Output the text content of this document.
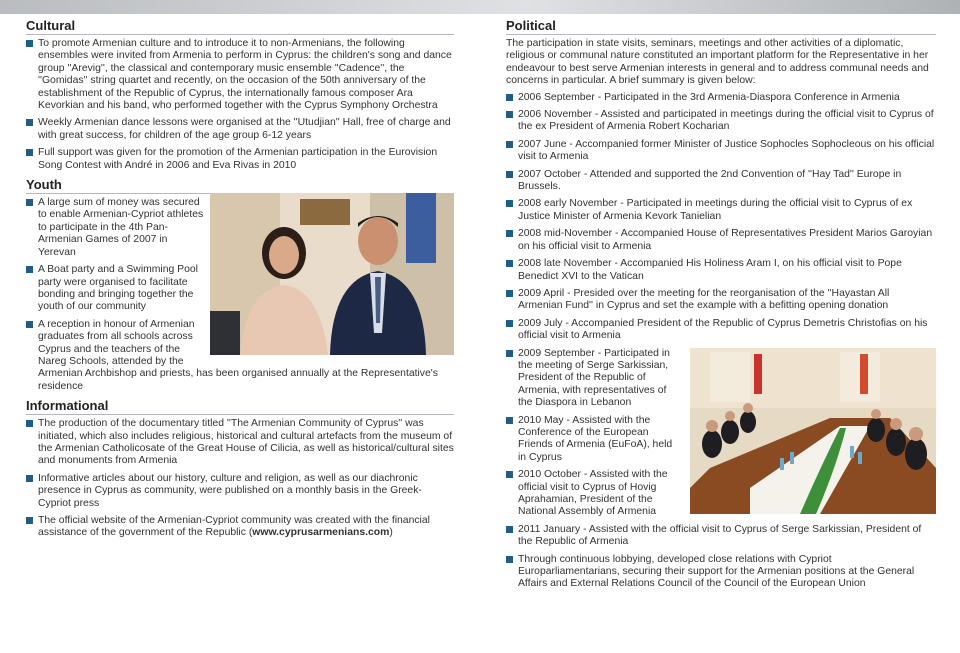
Cultural
To promote Armenian culture and to introduce it to non-Armenians, the following ensembles were invited from Armenia to perform in Cyprus: the children's song and dance group ''Arevig'', the classical and contemporary music ensemble ''Cadence'', the ''Gomidas'' string quartet and recently, on the occasion of the 50th anniversary of the establishment of the Republic of Cyprus, the internationally famous composer Ara Kevorkian and his band, who performed together with the Cyprus Symphony Orchestra
Weekly Armenian dance lessons were organised at the ''Utudjian'' Hall, free of charge and with great success, for children of the age group 6-12 years
Full support was given for the promotion of the Armenian participation in the Eurovision Song Contest with André in 2006 and Eva Rivas in 2010
Youth
A large sum of money was secured to enable Armenian-Cypriot athletes to participate in the 4th Pan-Armenian Games of 2007 in Yerevan
A Boat party and a Swimming Pool party were organised to facilitate bonding and bringing together the youth of our community
A reception in honour of Armenian graduates from all schools across Cyprus and the teachers of the Nareg Schools, attended by the Armenian Archbishop and priests, has been organised annually at the Representative's residence
Informational
The production of the documentary titled ''The Armenian Community of Cyprus'' was initiated, which also includes religious, historical and cultural artefacts from the museum of the Armenian Catholicosate of the Great House of Cilicia, as well as historical/cultural sites and monuments from Armenia
Informative articles about our history, culture and religion, as well as our diachronic presence in Cyprus as community, were published on a monthly basis in the Greek-Cypriot press
The official website of the Armenian-Cypriot community was created with the financial assistance of the government of the Republic (www.cyprusarmenians.com)
Political

The participation in state visits, seminars, meetings and other activities of a diplomatic, religious or communal nature constituted an important platform for the Representative in her endeavour to best serve Armenian interests in general and to address communal needs and concerns in particular. A brief summary is given below:

2006 September - Participated in the 3rd Armenia-Diaspora Conference in Armenia
2006 November - Assisted and participated in meetings during the official visit to Cyprus of the ex President of Armenia Robert Kocharian
2007 June - Accompanied former Minister of Justice Sophocles Sophocleous on his official visit to Armenia
2007 October - Attended and supported the 2nd Convention of ''Hay Tad'' Europe in Brussels.
2008 early November - Participated in meetings during the official visit to Cyprus of ex Justice Minister of Armenia Kevork Tanielian
2008 mid-November - Accompanied House of Representatives President Marios Garoyian on his official visit to Armenia
2008 late November - Accompanied His Holiness Aram I, on his official visit to Pope Benedict XVI to the Vatican
2009 April - Presided over the meeting for the reorganisation of the ''Hayastan All Armenian Fund'' in Cyprus and set the example with a befitting opening donation
2009 July - Accompanied President of the Republic of Cyprus Demetris Christofias on his official visit to Armenia
2009 September - Participated in the meeting of Serge Sarkissian, President of the Republic of Armenia, with representatives of the Diaspora in Lebanon
2010 May - Assisted with the Conference of the European Friends of Armenia (EuFoA), held in Cyprus
2010 October - Assisted with the official visit to Cyprus of Hovig Aprahamian, President of the National Assembly of Armenia
2011 January - Assisted with the official visit to Cyprus of Serge Sarkissian, President of the Republic of Armenia
Through continuous lobbying, developed close relations with Cypriot Europarliamentarians, securing their support for the Armenian positions at the General Affairs and External Relations Council of the Council of the European Union
